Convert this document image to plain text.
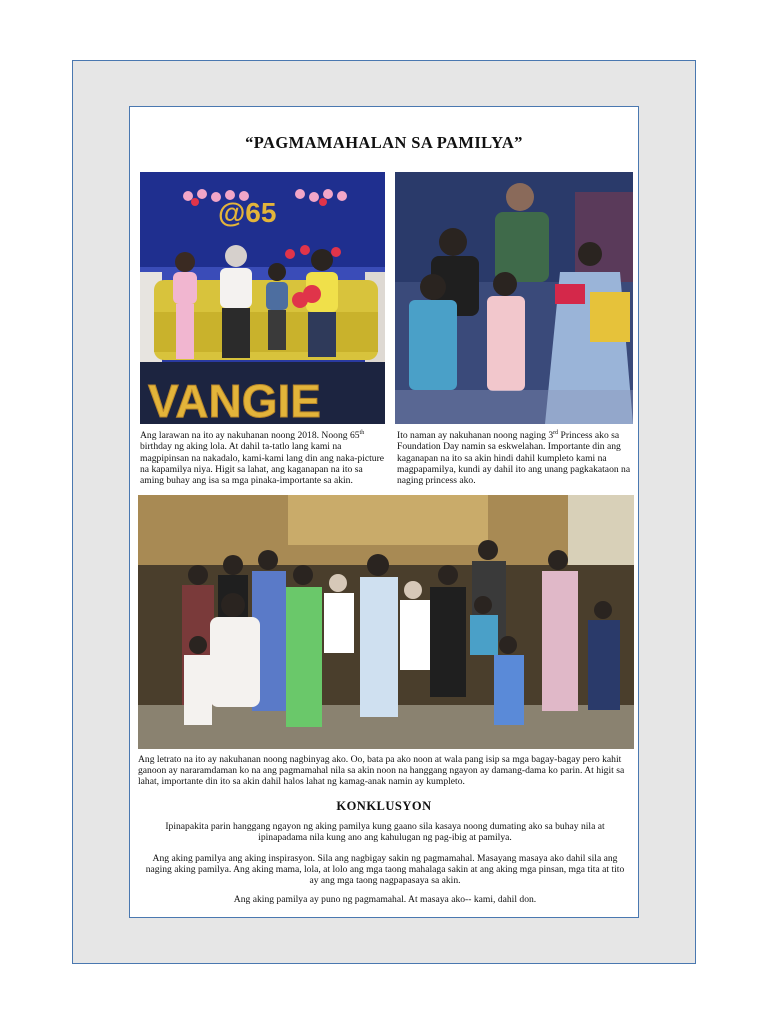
“PAGMAMAHALAN SA PAMILYA”
@65
VANGIE
Ang larawan na ito ay nakuhanan noong 2018. Noong 65th birthday ng aking lola. At dahil ta-tatlo lang kami na magpipinsan na nakadalo, kami-kami lang din ang naka-picture na kapamilya niya. Higit sa lahat, ang kaganapan na ito sa aming buhay ang isa sa mga pinaka-importante sa akin.
Ito naman ay nakuhanan noong naging 3rd Princess ako sa Foundation Day namin sa eskwelahan. Importante din ang kaganapan na ito sa akin hindi dahil kumpleto kami na magpapamilya, kundi ay dahil ito ang unang pagkakataon na naging princess ako.
Ang letrato na ito ay nakuhanan noong nagbinyag ako. Oo, bata pa ako noon at wala pang isip sa mga bagay-bagay pero kahit ganoon ay nararamdaman ko na ang pagmamahal nila sa akin noon na hanggang ngayon ay damang-dama ko parin. At higit sa lahat, importante din ito sa akin dahil halos lahat ng kamag-anak namin ay kumpleto.
KONKLUSYON
Ipinapakita parin hanggang ngayon ng aking pamilya kung gaano sila kasaya noong dumating ako sa buhay nila at ipinapadama nila kung ano ang kahulugan ng pag-ibig at pamilya.
Ang aking pamilya ang aking inspirasyon. Sila ang nagbigay sakin ng pagmamahal. Masayang masaya ako dahil sila ang naging aking pamilya. Ang aking mama, lola, at lolo ang mga taong mahalaga sakin at ang aking mga pinsan, mga tita at tito ay ang mga taong nagpapasaya sa akin.
Ang aking pamilya ay puno ng pagmamahal. At masaya ako-- kami, dahil don.
